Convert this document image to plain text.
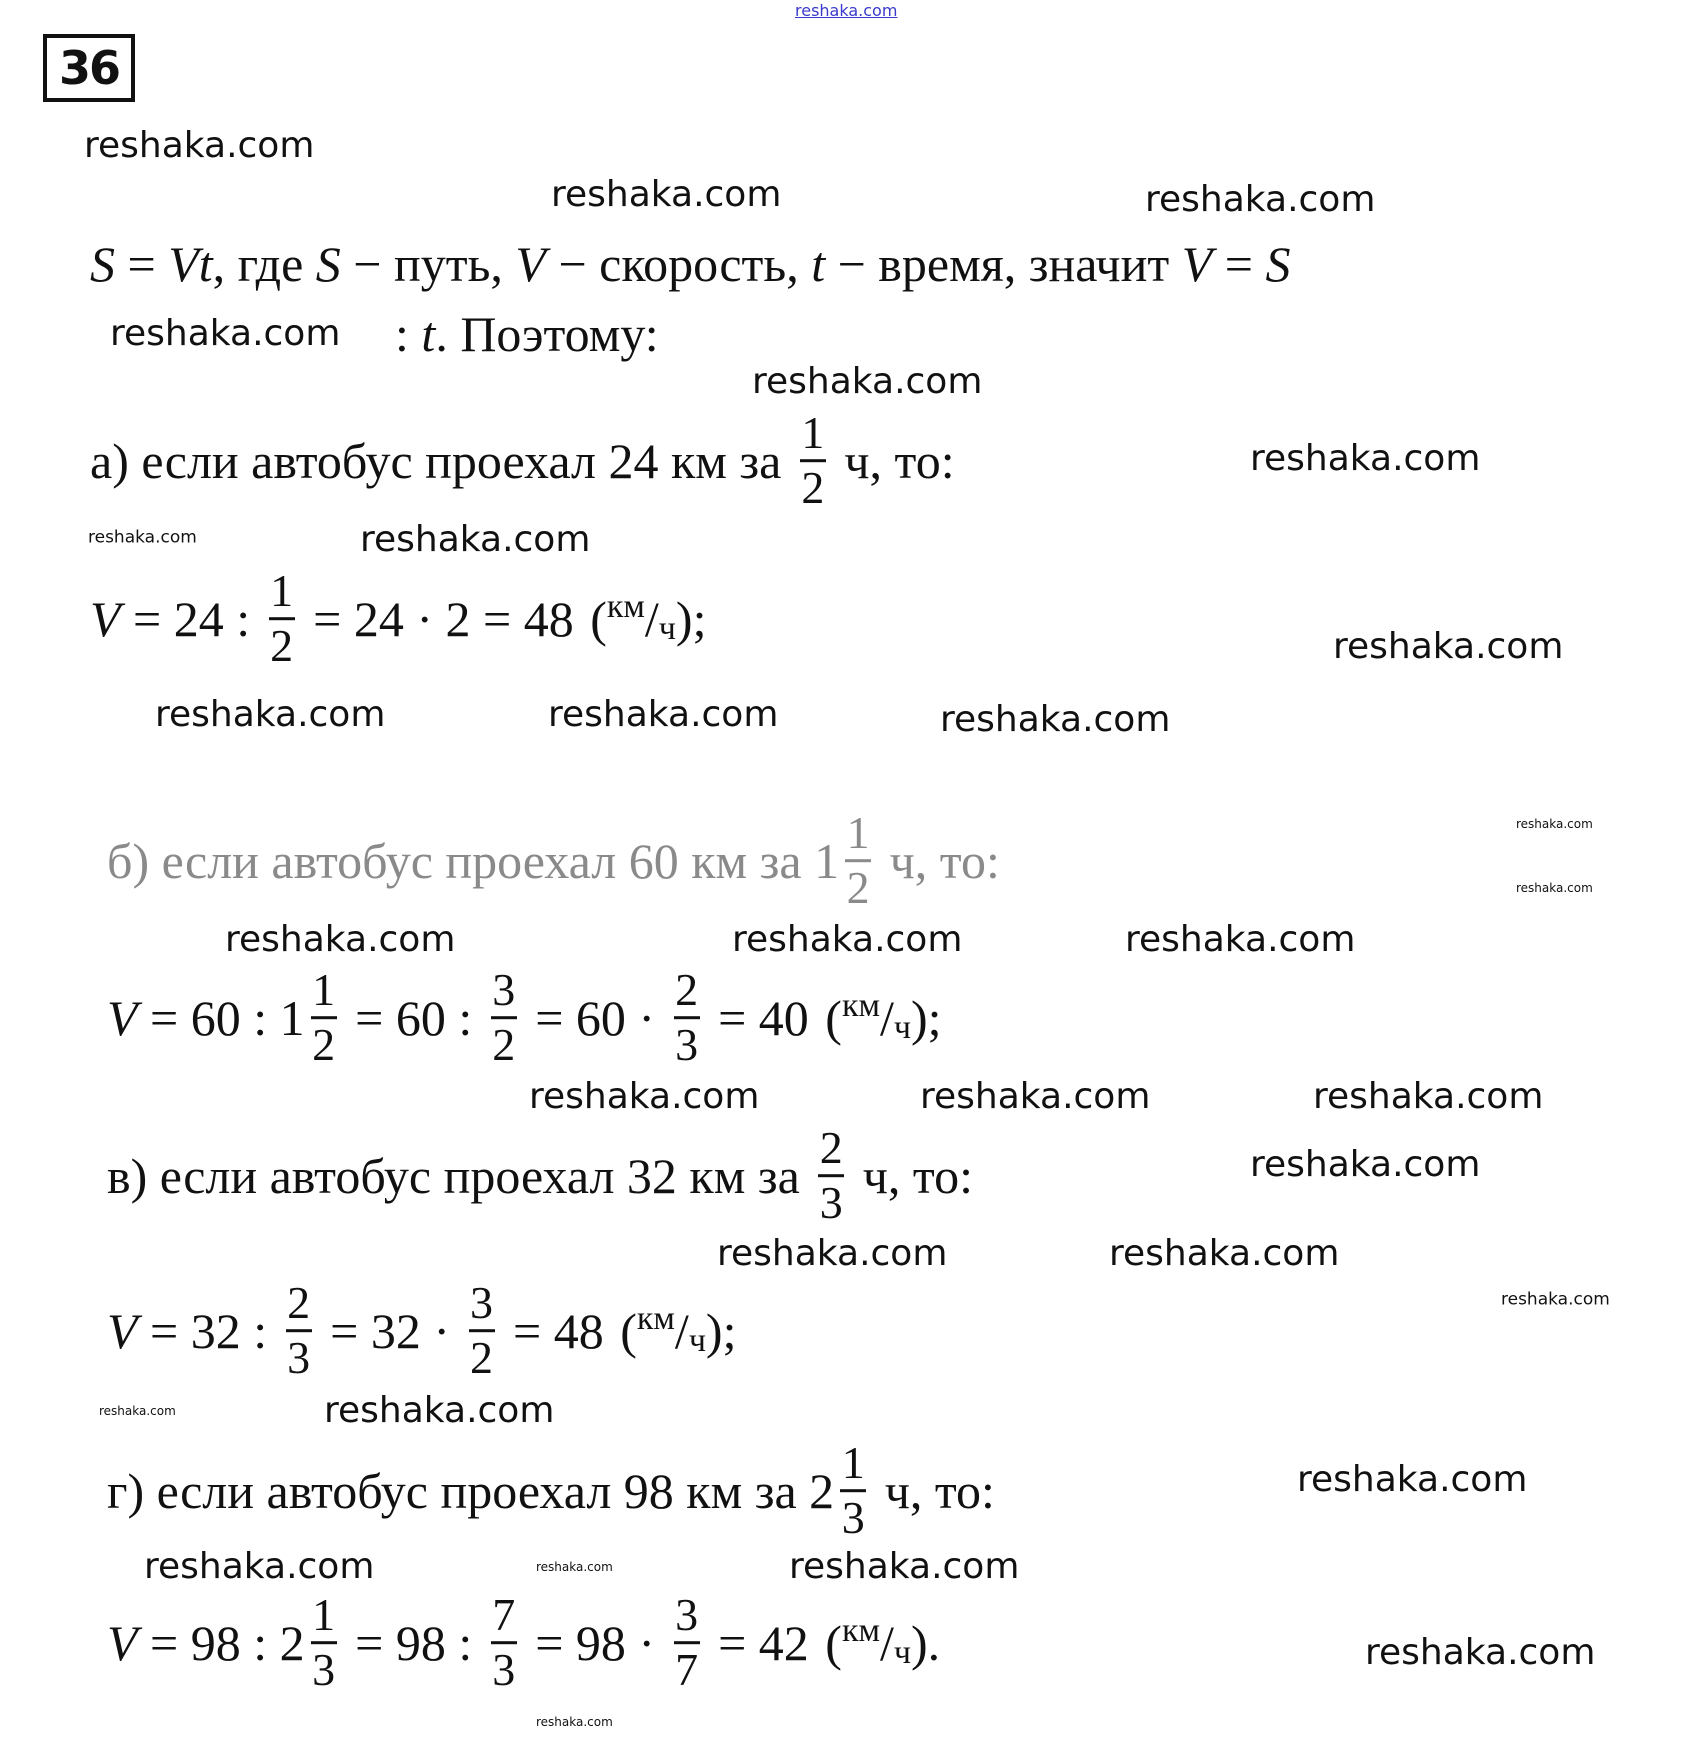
36
reshaka.com
reshaka.com
reshaka.com	reshaka.com
reshaka.com
reshaka.com
reshaka.com
reshaka.com	reshaka.com
reshaka.com
reshaka.com
reshaka.com	reshaka.com
reshaka.com
reshaka.com
reshaka.com	reshaka.com	reshaka.com
reshaka.com	reshaka.com	reshaka.com
reshaka.com
reshaka.com	reshaka.com
reshaka.com
reshaka.com	reshaka.com
reshaka.com
reshaka.com
reshaka.com	reshaka.com
reshaka.com
reshaka.com
S = Vt , где S − путь, V − скорость, t − время, значит V = S
: t . Поэтому:
а) если автобус проехал 24 км за
1
2 ч, то:
V = 24 :
1
2 = 24 · 2 = 48 ($^{км}$ $/_ч$ ) ;
б) если автобус проехал 60 км за 1
1
2 ч, то:
V = 60 : 1
1
2 = 60 :
3
2 = 60 ·
2
3 = 40 ($^{км}$ $/_ч$ ) ;
в) если автобус проехал 32 км за
2
3 ч, то:
V = 32 :
2
3 = 32 ·
3
2 = 48 ($^{км}$ $/_ч$ ) ;
г) если автобус проехал 98 км за 2
1
3 ч, то:
V = 98 : 2
1
3 = 98 :
7
3 = 98 ·
3
7 = 42 ($^{км}$ $/_ч$ ) .
